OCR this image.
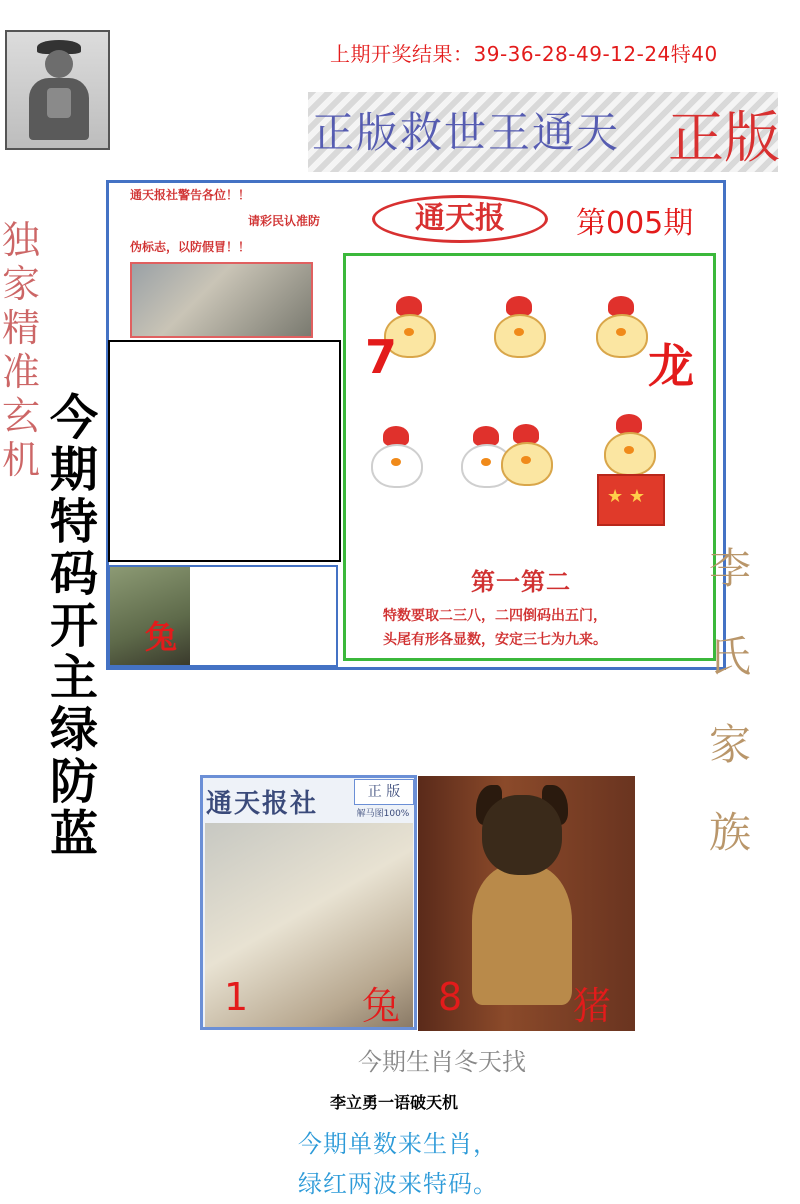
上期开奖结果：39-36-28-49-12-24特40
正版救世王通天 正版
独家精准玄机
通天报社警告各位！！
请彩民认准防
伪标志，以防假冒！！
兔
通天报	第005期
★ ★
7	龙
第一第二
特数要取二三八，二四倒码出五门，
头尾有形各显数，安定三七为九来。
今期特码开主绿防蓝
李氏家族
通天报社	正 版
解马图100%
1	兔 8	猪
今期生肖冬天找
李立勇一语破天机
今期单数来生肖，
绿红两波来特码。
